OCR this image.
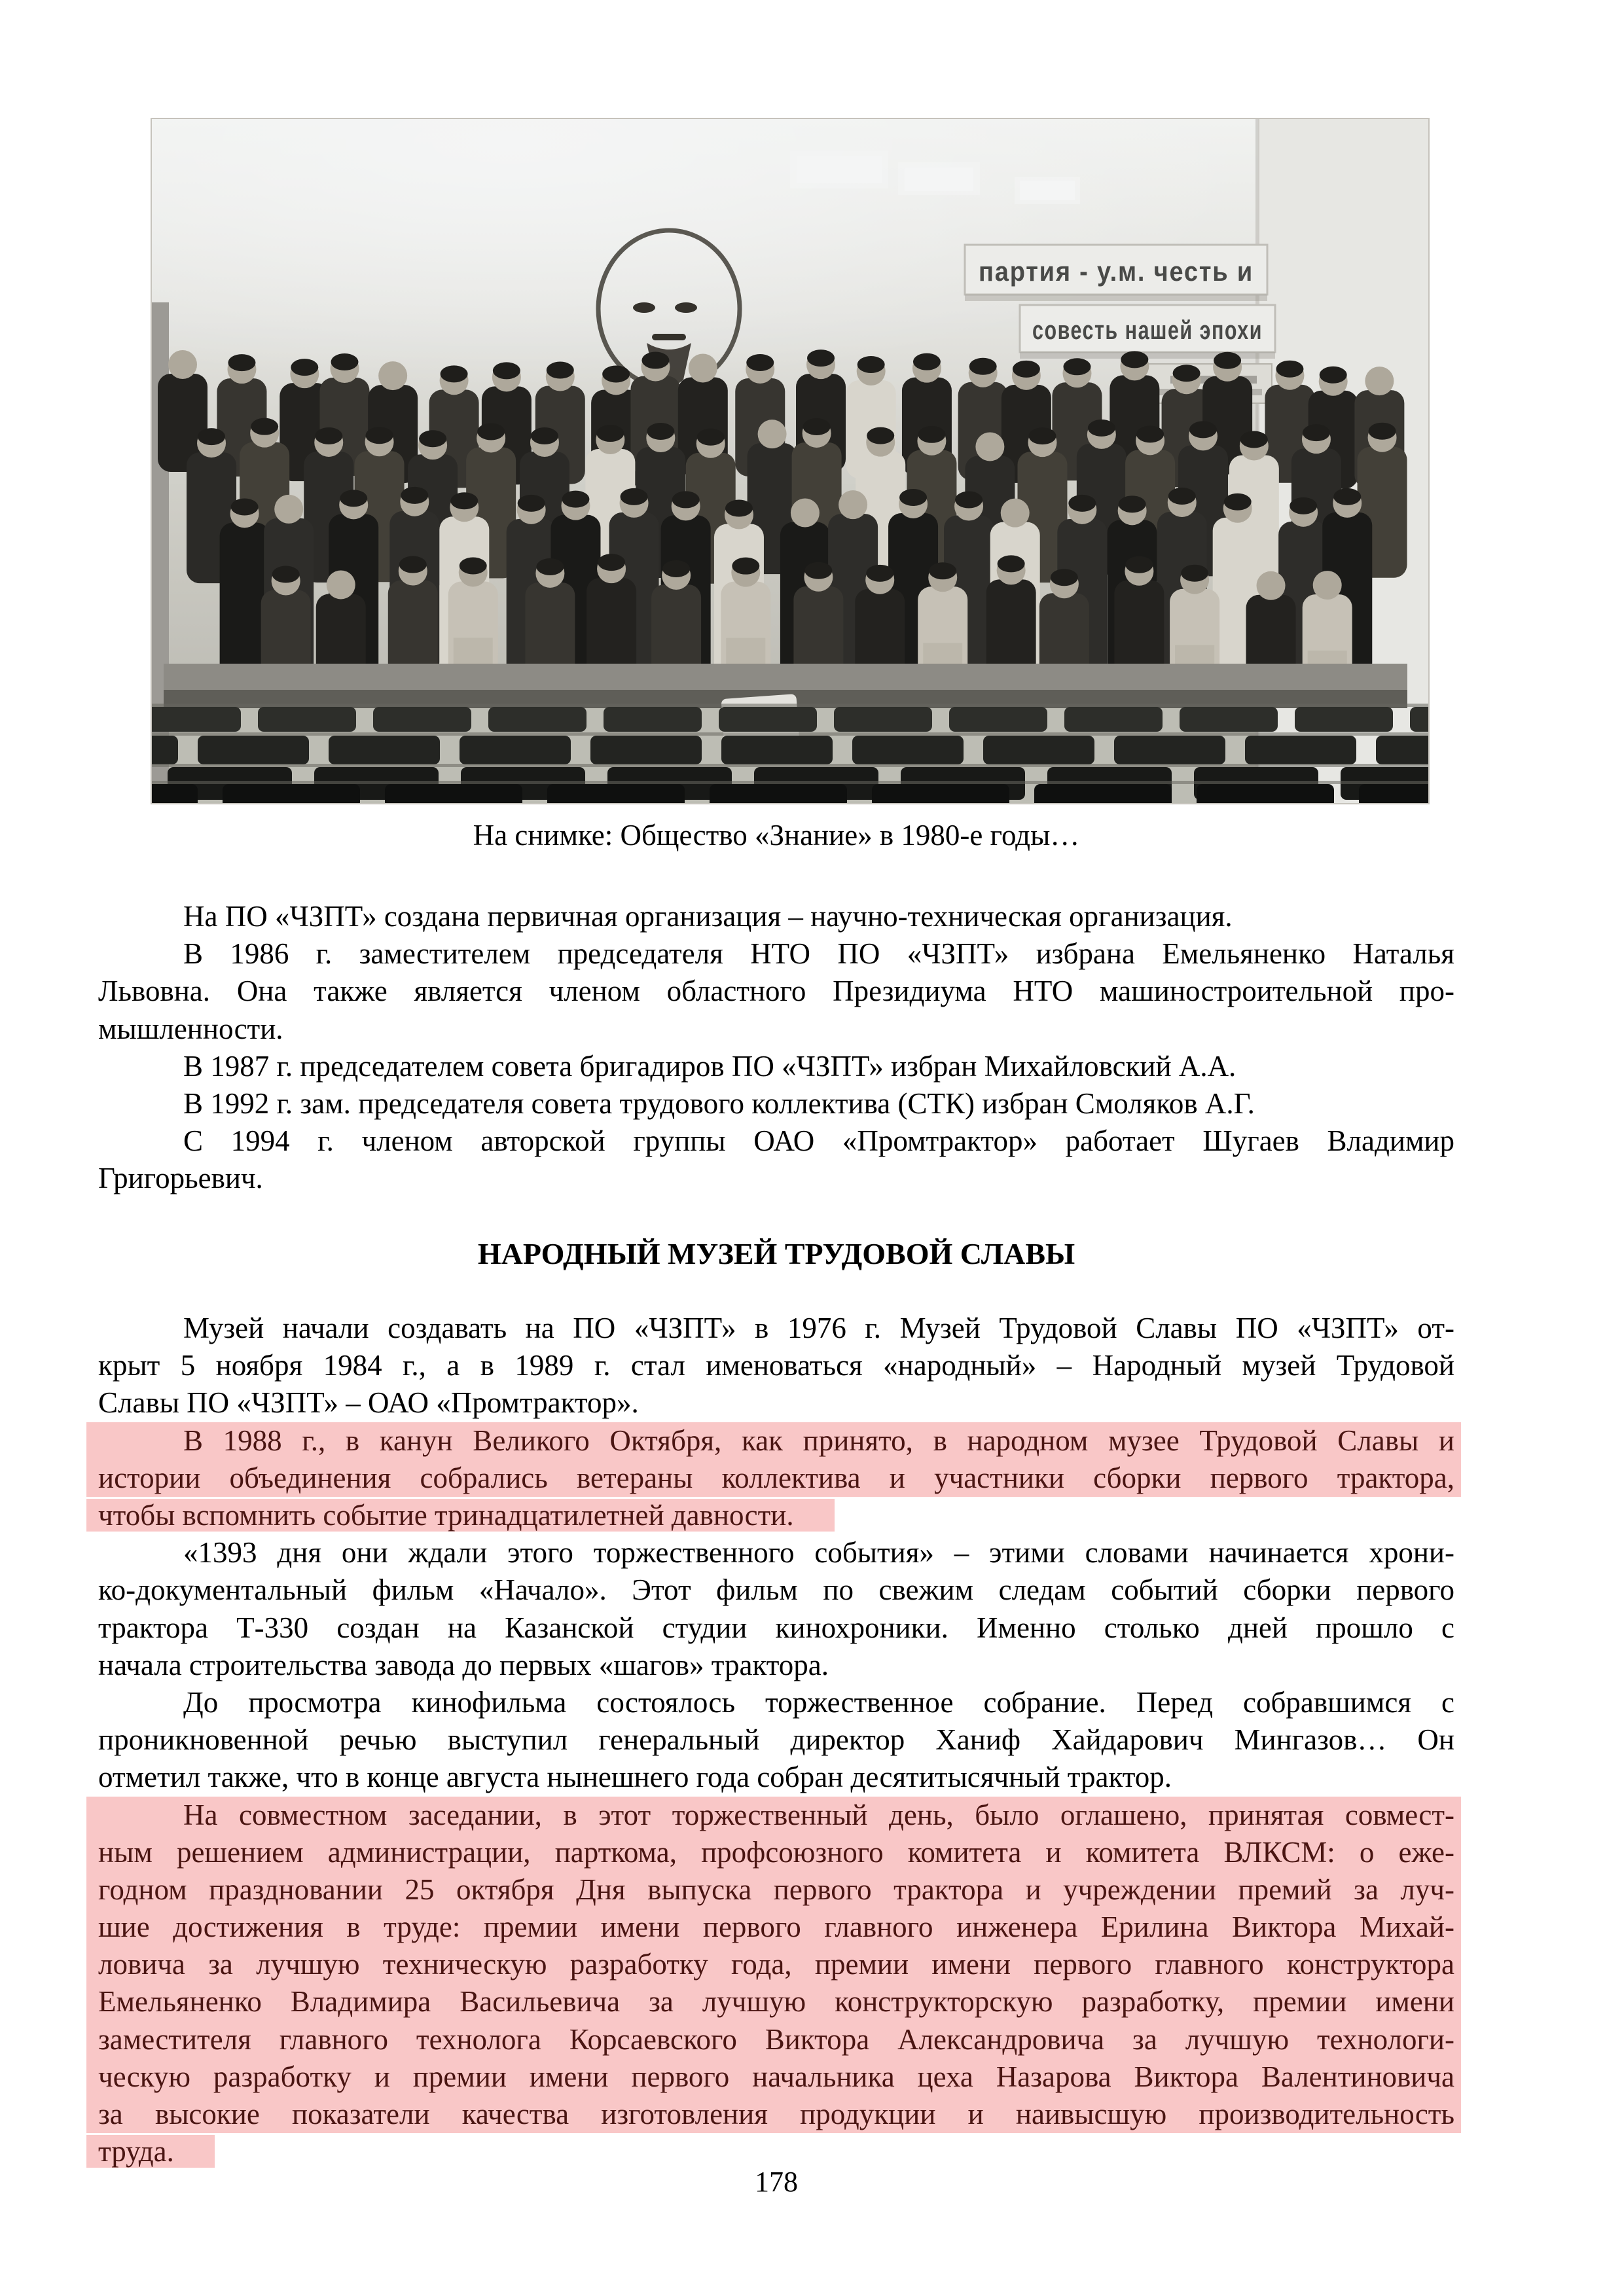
партия - у.м. честь и
совесть нашей эпохи
На снимке: Общество «Знание» в 1980-е годы…
На ПО «ЧЗПТ» создана первичная организация – научно-техническая организация.
В 1986 г. заместителем председателя НТО ПО «ЧЗПТ» избрана Емельяненко Наталья
Львовна. Она также является членом областного Президиума НТО машиностроительной про-
мышленности.
В 1987 г. председателем совета бригадиров ПО «ЧЗПТ» избран Михайловский А.А.
В 1992 г. зам. председателя совета трудового коллектива (СТК) избран Смоляков А.Г.
С 1994 г. членом авторской группы ОАО «Промтрактор» работает Шугаев Владимир
Григорьевич.
НАРОДНЫЙ МУЗЕЙ ТРУДОВОЙ СЛАВЫ
Музей начали создавать на ПО «ЧЗПТ» в 1976 г. Музей Трудовой Славы ПО «ЧЗПТ» от-
крыт 5 ноября 1984 г., а в 1989 г. стал именоваться «народный» – Народный музей Трудовой
Славы ПО «ЧЗПТ» – ОАО «Промтрактор».
В 1988 г., в канун Великого Октября, как принято, в народном музее Трудовой Славы и
истории объединения собрались ветераны коллектива и участники сборки первого трактора,
чтобы вспомнить событие тринадцатилетней давности.
«1393 дня они ждали этого торжественного события» – этими словами начинается хрони-
ко-документальный фильм «Начало». Этот фильм по свежим следам событий сборки первого
трактора Т-330 создан на Казанской студии кинохроники. Именно столько дней прошло с
начала строительства завода до первых «шагов» трактора.
До просмотра кинофильма состоялось торжественное собрание. Перед собравшимся с
проникновенной речью выступил генеральный директор Ханиф Хайдарович Мингазов… Он
отметил также, что в конце августа нынешнего года собран десятитысячный трактор.
На совместном заседании, в этот торжественный день, было оглашено, принятая совмест-
ным решением администрации, парткома, профсоюзного комитета и комитета ВЛКСМ: о еже-
годном праздновании 25 октября Дня выпуска первого трактора и учреждении премий за луч-
шие достижения в труде: премии имени первого главного инженера Ерилина Виктора Михай-
ловича за лучшую техническую разработку года, премии имени первого главного конструктора
Емельяненко Владимира Васильевича за лучшую конструкторскую разработку, премии имени
заместителя главного технолога Корсаевского Виктора Александровича за лучшую технологи-
ческую разработку и премии имени первого начальника цеха Назарова Виктора Валентиновича
за высокие показатели качества изготовления продукции и наивысшую производительность
труда.
178
